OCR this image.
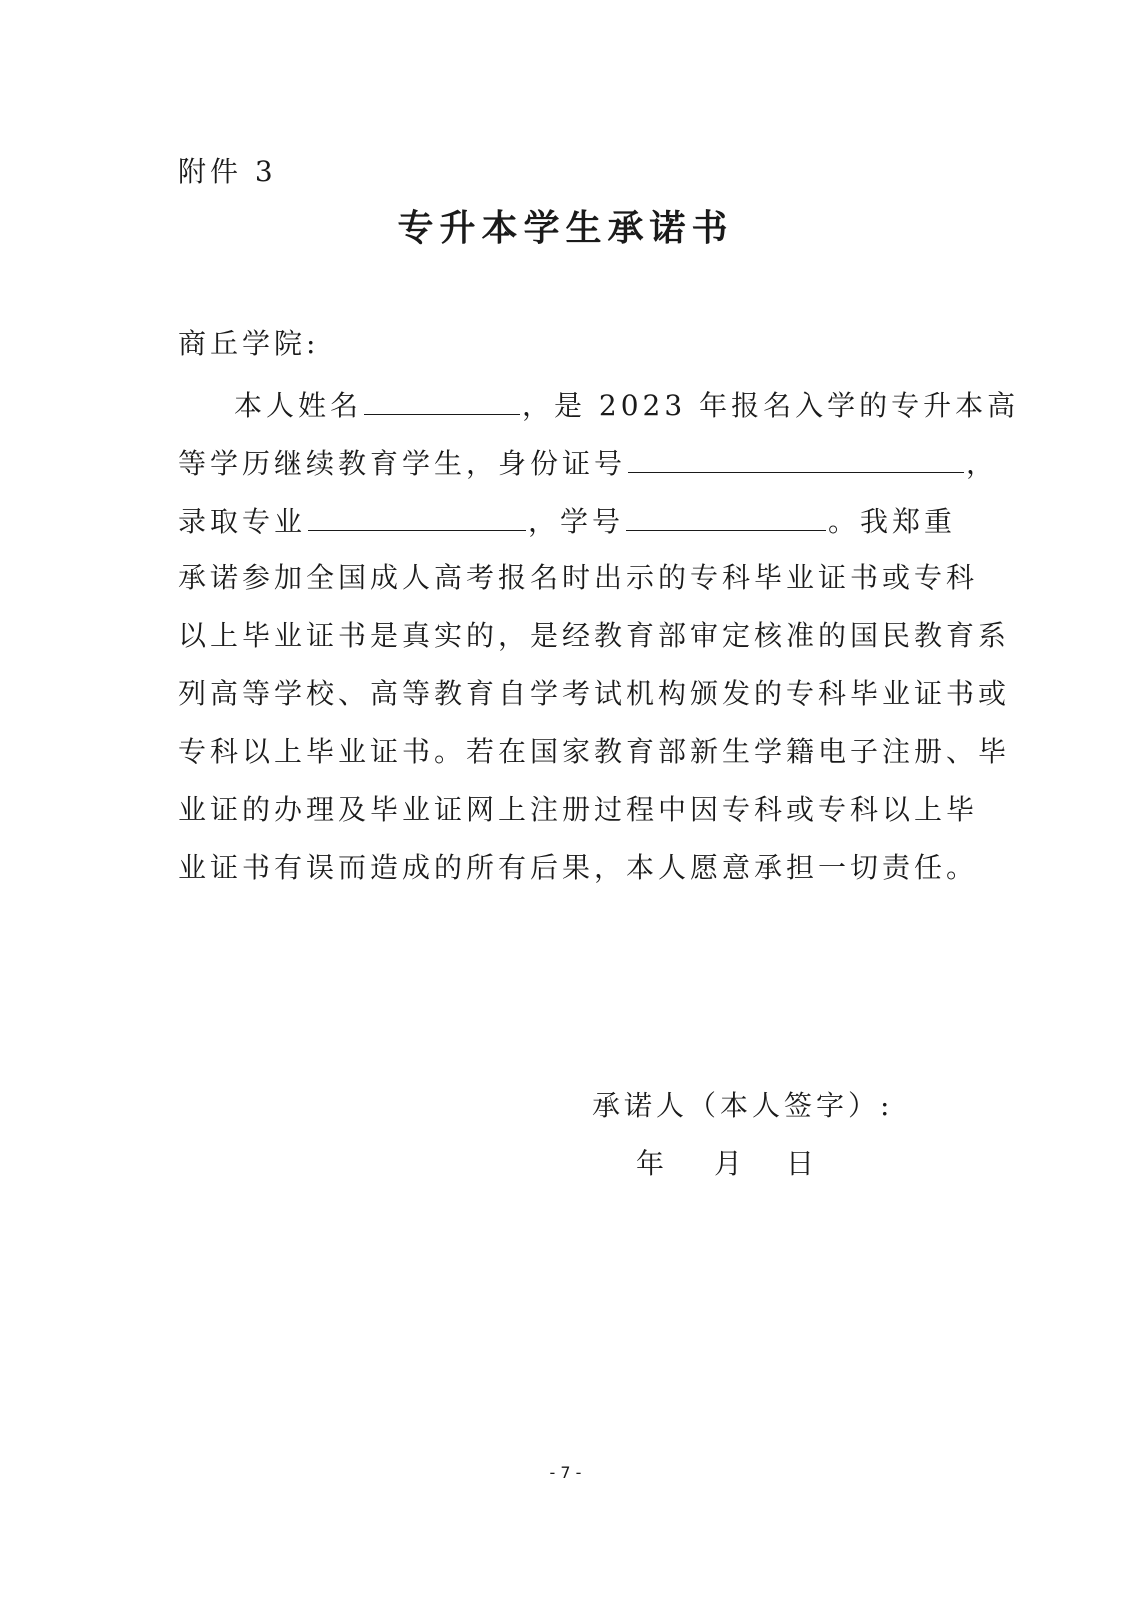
附件 3
专升本学生承诺书
商丘学院:
本人姓名	，是 2023 年报名入学的专升本高
等学历继续教育学生，身份证号	，
录取专业	，学号	。我郑重
承诺参加全国成人高考报名时出示的专科毕业证书或专科
以上毕业证书是真实的，是经教育部审定核准的国民教育系
列高等学校、高等教育自学考试机构颁发的专科毕业证书或
专科以上毕业证书。若在国家教育部新生学籍电子注册、毕
业证的办理及毕业证网上注册过程中因专科或专科以上毕
业证书有误而造成的所有后果，本人愿意承担一切责任。
承诺人（本人签字）:
年 月 日
- 7 -
